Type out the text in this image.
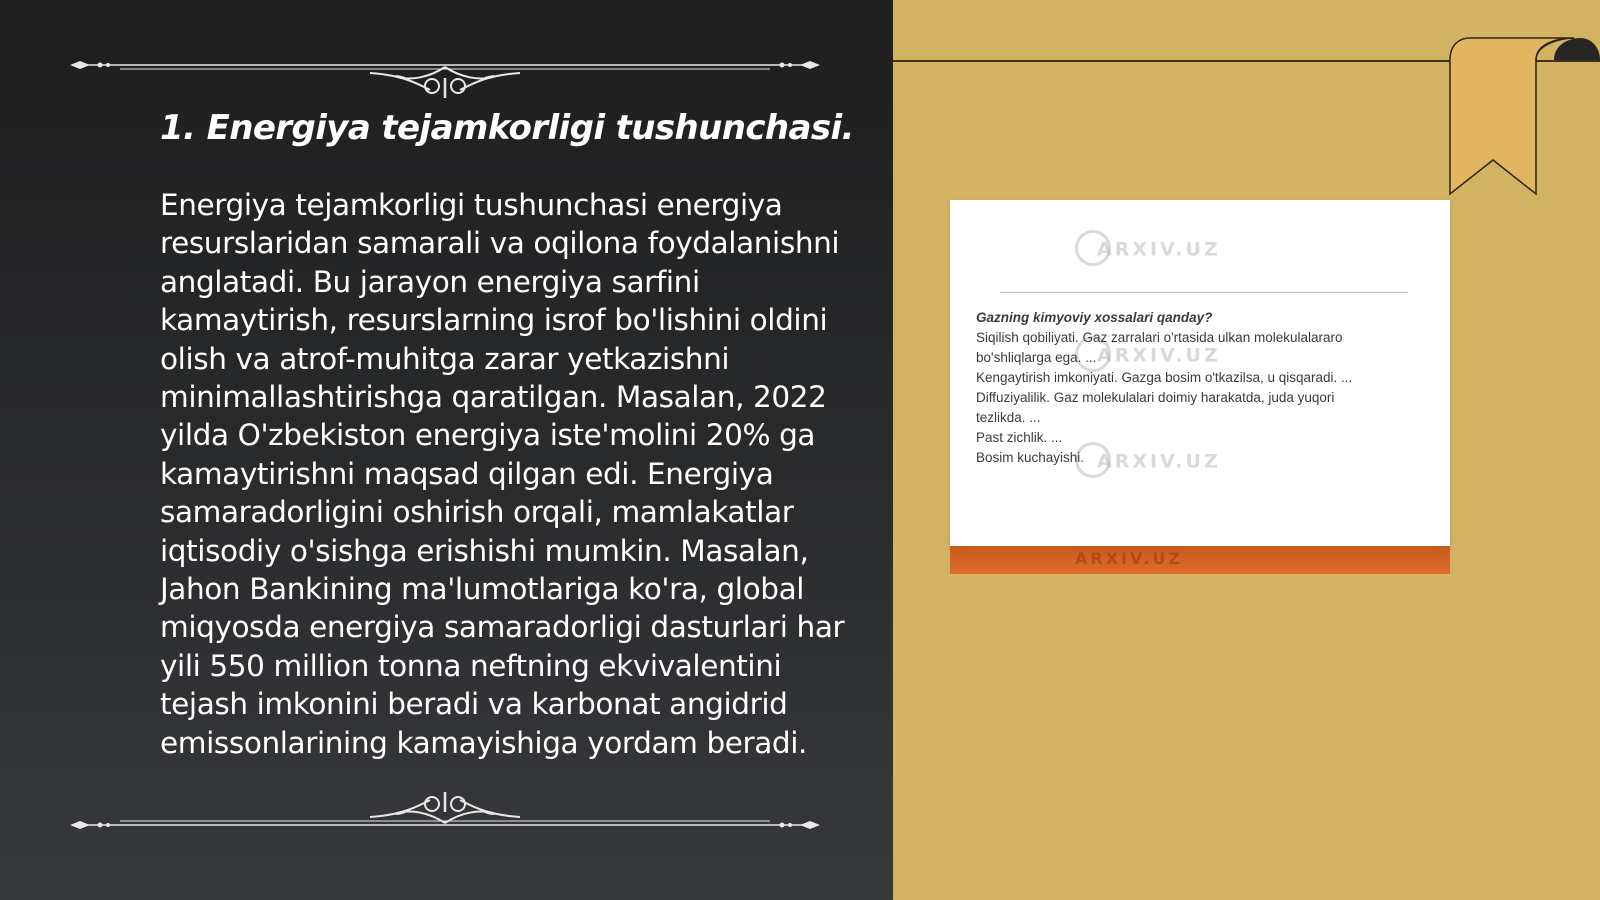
1. Energiya tejamkorligi tushunchasi.

Energiya tejamkorligi tushunchasi energiya resurslaridan samarali va oqilona foydalanishni anglatadi. Bu jarayon energiya sarfini kamaytirish, resurslarning isrof bo'lishini oldini olish va atrof-muhitga zarar yetkazishni minimallashtirishga qaratilgan. Masalan, 2022 yilda O'zbekiston energiya iste'molini 20% ga kamaytirishni maqsad qilgan edi. Energiya samaradorligini oshirish orqali, mamlakatlar iqtisodiy o'sishga erishishi mumkin. Masalan, Jahon Bankining ma'lumotlariga ko'ra, global miqyosda energiya samaradorligi dasturlari har yili 550 million tonna neftning ekvivalentini tejash imkonini beradi va karbonat angidrid emissonlarining kamayishiga yordam beradi.

ARXIV.UZ
ARXIV.UZ
ARXIV.UZ
Gazning kimyoviy xossalari qanday?
Siqilish qobiliyati. Gaz zarralari o'rtasida ulkan molekulalararo
bo'shliqlarga ega. ...
Kengaytirish imkoniyati. Gazga bosim o'tkazilsa, u qisqaradi. ...
Diffuziyalilik. Gaz molekulalari doimiy harakatda, juda yuqori
tezlikda. ...
Past zichlik. ...
Bosim kuchayishi.
ARXIV.UZ
